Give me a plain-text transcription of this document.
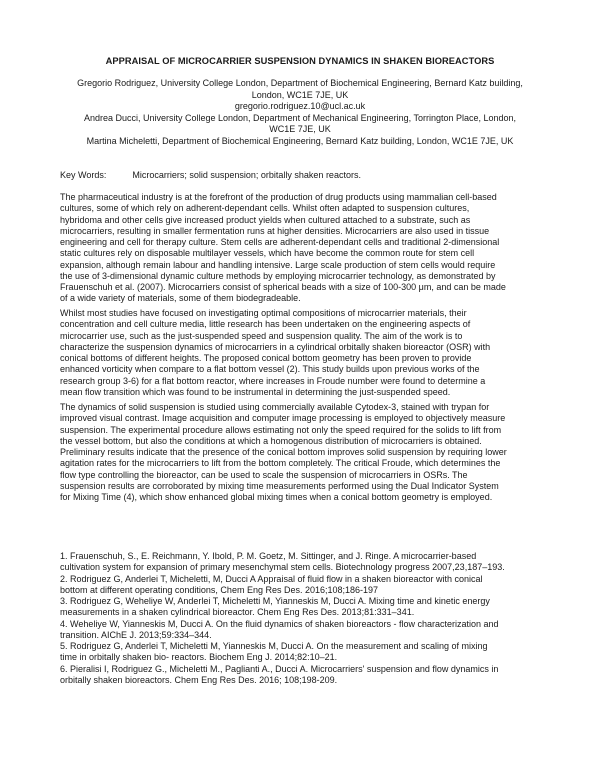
APPRAISAL OF MICROCARRIER SUSPENSION DYNAMICS IN SHAKEN BIOREACTORS
Gregorio Rodriguez, University College London, Department of Biochemical Engineering, Bernard Katz building,
London, WC1E 7JE, UK
gregorio.rodriguez.10@ucl.ac.uk
Andrea Ducci, University College London, Department of Mechanical Engineering, Torrington Place, London,
WC1E 7JE, UK
Martina Micheletti, Department of Biochemical Engineering, Bernard Katz building, London, WC1E 7JE, UK
Key Words:	Microcarriers; solid suspension; orbitally shaken reactors.
The pharmaceutical industry is at the forefront of the production of drug products using mammalian cell-based
cultures, some of which rely on adherent-dependant cells. Whilst often adapted to suspension cultures,
hybridoma and other cells give increased product yields when cultured attached to a substrate, such as
microcarriers, resulting in smaller fermentation runs at higher densities. Microcarriers are also used in tissue
engineering and cell for therapy culture. Stem cells are adherent-dependant cells and traditional 2-dimensional
static cultures rely on disposable multilayer vessels, which have become the common route for stem cell
expansion, although remain labour and handling intensive. Large scale production of stem cells would require
the use of 3-dimensional dynamic culture methods by employing microcarrier technology, as demonstrated by
Frauenschuh et al. (2007). Microcarriers consist of spherical beads with a size of 100-300 μm, and can be made
of a wide variety of materials, some of them biodegradeable.
Whilst most studies have focused on investigating optimal compositions of microcarrier materials, their
concentration and cell culture media, little research has been undertaken on the engineering aspects of
microcarrier use, such as the just-suspended speed and suspension quality. The aim of the work is to
characterize the suspension dynamics of microcarriers in a cylindrical orbitally shaken bioreactor (OSR) with
conical bottoms of different heights. The proposed conical bottom geometry has been proven to provide
enhanced vorticity when compare to a flat bottom vessel (2). This study builds upon previous works of the
research group 3-6) for a flat bottom reactor, where increases in Froude number were found to determine a
mean flow transition which was found to be instrumental in determining the just-suspended speed.
The dynamics of solid suspension is studied using commercially available Cytodex-3, stained with trypan for
improved visual contrast. Image acquisition and computer image processing is employed to objectively measure
suspension. The experimental procedure allows estimating not only the speed required for the solids to lift from
the vessel bottom, but also the conditions at which a homogenous distribution of microcarriers is obtained.
Preliminary results indicate that the presence of the conical bottom improves solid suspension by requiring lower
agitation rates for the microcarriers to lift from the bottom completely. The critical Froude, which determines the
flow type controlling the bioreactor, can be used to scale the suspension of microcarriers in OSRs. The
suspension results are corroborated by mixing time measurements performed using the Dual Indicator System
for Mixing Time (4), which show enhanced global mixing times when a conical bottom geometry is employed.
1. Frauenschuh, S., E. Reichmann, Y. Ibold, P. M. Goetz, M. Sittinger, and J. Ringe. A microcarrier-based
cultivation system for expansion of primary mesenchymal stem cells. Biotechnology progress 2007,23,187–193.
2. Rodriguez G, Anderlei T, Micheletti, M, Ducci A Appraisal of fluid flow in a shaken bioreactor with conical
bottom at different operating conditions, Chem Eng Res Des. 2016;108;186-197
3. Rodriguez G, Weheliye W, Anderlei T, Micheletti M, Yianneskis M, Ducci A. Mixing time and kinetic energy
measurements in a shaken cylindrical bioreactor. Chem Eng Res Des. 2013;81:331–341.
4. Weheliye W, Yianneskis M, Ducci A. On the fluid dynamics of shaken bioreactors - flow characterization and
transition. AIChE J. 2013;59:334–344.
5. Rodriguez G, Anderlei T, Micheletti M, Yianneskis M, Ducci A. On the measurement and scaling of mixing
time in orbitally shaken bio- reactors. Biochem Eng J. 2014;82:10–21.
6. Pieralisi I, Rodriguez G., Micheletti M., Paglianti A., Ducci A. Microcarriers' suspension and flow dynamics in
orbitally shaken bioreactors. Chem Eng Res Des. 2016; 108;198-209.
